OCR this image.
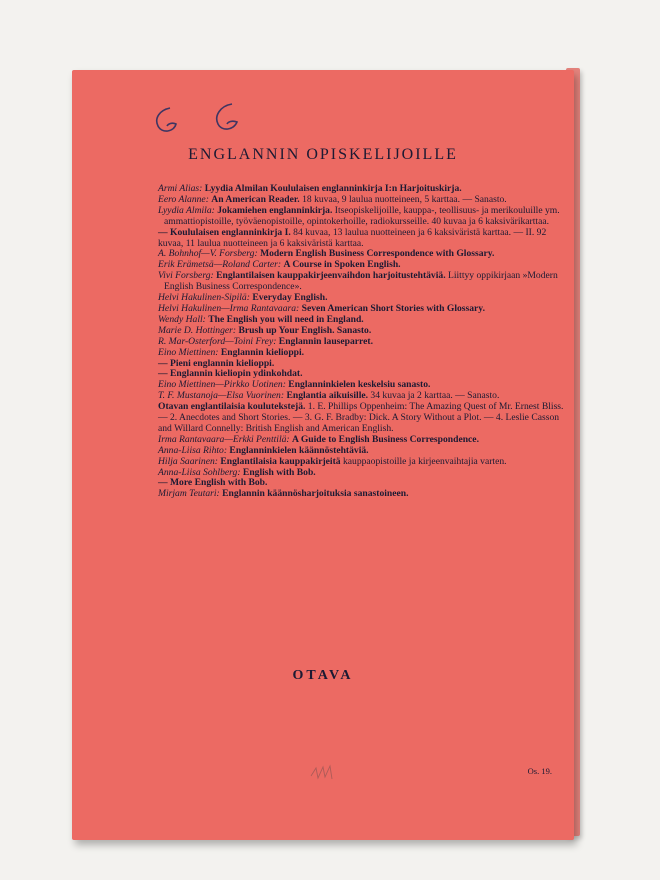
ENGLANNIN OPISKELIJOILLE

Armi Alias: Lyydia Almilan Koululaisen englanninkirja I:n Harjoituskirja.

Eero Alanne: An American Reader. 18 kuvaa, 9 laulua nuotteineen, 5 karttaa. — Sanasto.

Lyydia Almila: Jokamiehen englanninkirja. Itseopiskelijoille, kauppa-, teollisuus- ja merikouluille ym. ammattiopistoille, työväenopistoille, opintokerhoille, radiokursseille. 40 kuvaa ja 6 kaksivärikarttaa.

— Koululaisen englanninkirja I. 84 kuvaa, 13 laulua nuotteineen ja 6 kaksiväristä karttaa. — II. 92 kuvaa, 11 laulua nuotteineen ja 6 kaksiväristä karttaa.

A. Bohnhof—V. Forsberg: Modern English Business Correspondence with Glossary.

Erik Erämetsä—Roland Carter: A Course in Spoken English.

Vivi Forsberg: Englantilaisen kauppakirjeenvaihdon harjoitustehtäviä. Liittyy oppikirjaan »Modern English Business Correspondence».

Helvi Hakulinen-Sipilä: Everyday English.

Helvi Hakulinen—Irma Rantavaara: Seven American Short Stories with Glossary.

Wendy Hall: The English you will need in England.

Marie D. Hottinger: Brush up Your English. Sanasto.

R. Mar-Osterford—Toini Frey: Englannin lauseparret.

Eino Miettinen: Englannin kielioppi.

— Pieni englannin kielioppi.

— Englannin kieliopin ydinkohdat.

Eino Miettinen—Pirkko Uotinen: Englanninkielen keskelsiu sanasto.

T. F. Mustanoja—Elsa Vuorinen: Englantia aikuisille. 34 kuvaa ja 2 karttaa. — Sanasto.

Otavan englantilaisia koulutekstejä. 1. E. Phillips Oppenheim: The Amazing Quest of Mr. Ernest Bliss. — 2. Anecdotes and Short Stories. — 3. G. F. Bradby: Dick. A Story Without a Plot. — 4. Leslie Casson and Willard Connelly: British English and American English.

Irma Rantavaara—Erkki Penttilä: A Guide to English Business Correspondence.

Anna-Liisa Rihto: Englanninkielen käännöstehtäviä.

Hilja Saarinen: Englantilaisia kauppakirjeitä kauppaopistoille ja kirjeenvaihtajia varten.

Anna-Liisa Sohlberg: English with Bob.

— More English with Bob.

Mirjam Teutari: Englannin käännösharjoituksia sanastoineen.

OTAVA
Os. 19.
